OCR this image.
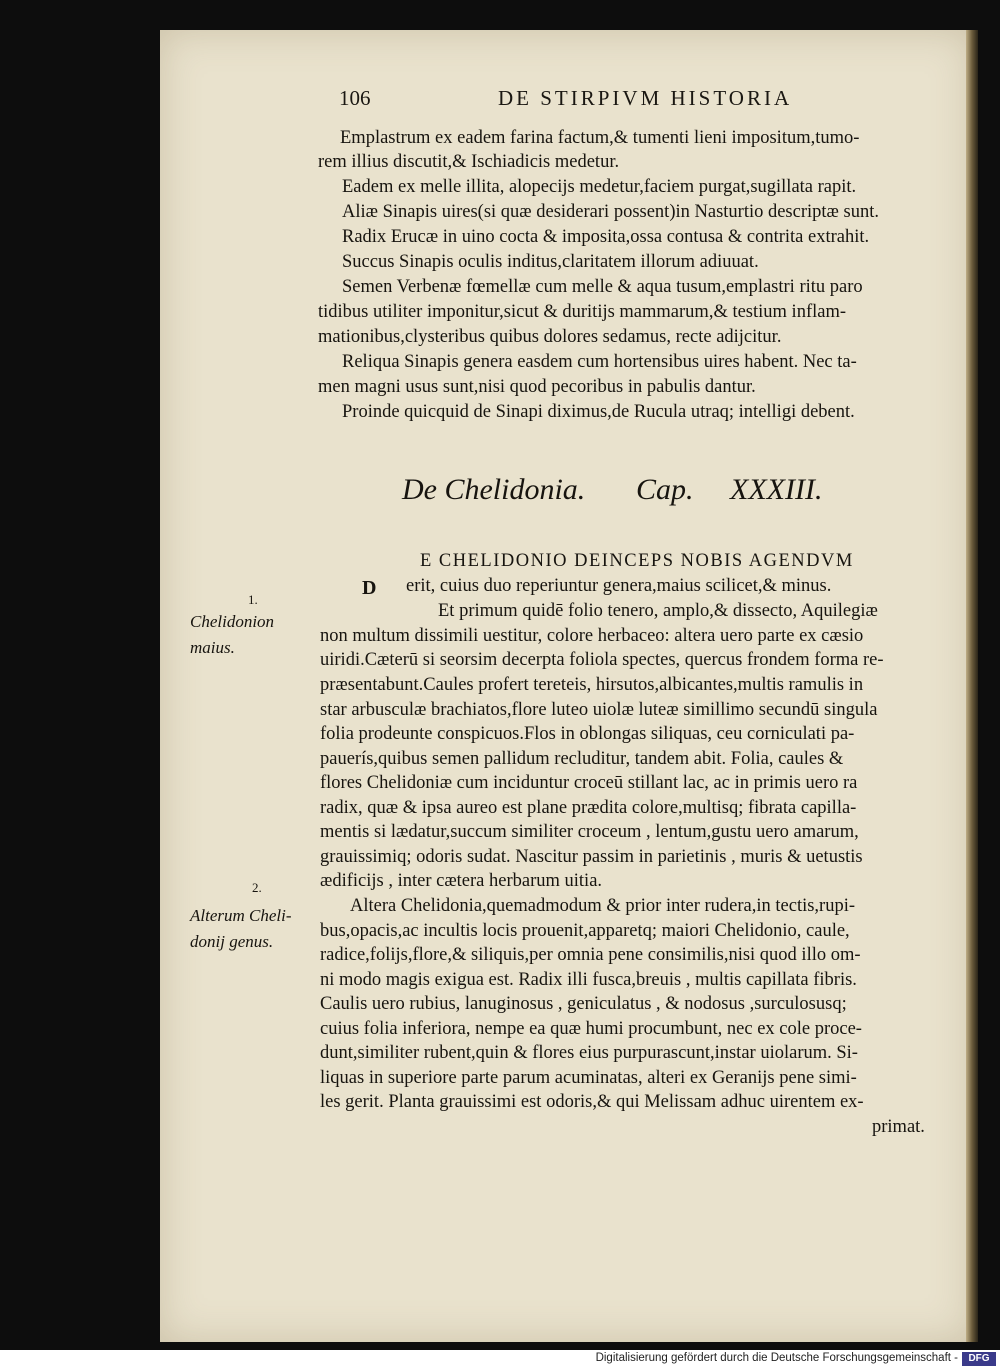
106	DE STIRPIVM HISTORIA
Emplastrum ex eadem farina factum,& tumenti lieni impositum,tumo-
rem illius discutit,& Ischiadicis medetur.
Eadem ex melle illita, alopecijs medetur,faciem purgat,sugillata rapit.
Aliæ Sinapis uires(si quæ desiderari possent)in Nasturtio descriptæ sunt.
Radix Erucæ in uino cocta & imposita,ossa contusa & contrita extrahit.
Succus Sinapis oculis inditus,claritatem illorum adiuuat.
Semen Verbenæ fœmellæ cum melle & aqua tusum,emplastri ritu paro
tidibus utiliter imponitur,sicut & duritijs mammarum,& testium inflam-
mationibus,clysteribus quibus dolores sedamus, recte adijcitur.
Reliqua Sinapis genera easdem cum hortensibus uires habent. Nec ta-
men magni usus sunt,nisi quod pecoribus in pabulis dantur.
Proinde quicquid de Sinapi diximus,de Rucula utraq; intelligi debent.
De Chelidonia. Cap. XXXIII.
1.
Chelidonion
maius.
2.
Alterum Cheli-
donij genus.
D
E CHELIDONIO DEINCEPS NOBIS AGENDVM
erit, cuius duo reperiuntur genera,maius scilicet,& minus.
Et primum quidē folio tenero, amplo,& dissecto, Aquilegiæ
non multum dissimili uestitur, colore herbaceo: altera uero parte ex cæsio
uiridi.Cæterū si seorsim decerpta foliola spectes, quercus frondem forma re-
præsentabunt.Caules profert tereteis, hirsutos,albicantes,multis ramulis in
star arbusculæ brachiatos,flore luteo uiolæ luteæ simillimo secundū singula
folia prodeunte conspicuos.Flos in oblongas siliquas, ceu corniculati pa-
pauerís,quibus semen pallidum recluditur, tandem abit. Folia, caules &
flores Chelidoniæ cum inciduntur croceū stillant lac, ac in primis uero ra
radix, quæ & ipsa aureo est plane prædita colore,multisq; fibrata capilla-
mentis si lædatur,succum similiter croceum , lentum,gustu uero amarum,
grauissimiq; odoris sudat. Nascitur passim in parietinis , muris & uetustis
ædificijs , inter cætera herbarum uitia.
Altera Chelidonia,quemadmodum & prior inter rudera,in tectis,rupi-
bus,opacis,ac incultis locis prouenit,apparetq; maiori Chelidonio, caule,
radice,folijs,flore,& siliquis,per omnia pene consimilis,nisi quod illo om-
ni modo magis exigua est. Radix illi fusca,breuis , multis capillata fibris.
Caulis uero rubius, lanuginosus , geniculatus , & nodosus ,surculosusq;
cuius folia inferiora, nempe ea quæ humi procumbunt, nec ex cole proce-
dunt,similiter rubent,quin & flores eius purpurascunt,instar uiolarum. Si-
liquas in superiore parte parum acuminatas, alteri ex Geranijs pene simi-
les gerit. Planta grauissimi est odoris,& qui Melissam adhuc uirentem ex-
primat.
Digitalisierung gefördert durch die Deutsche Forschungsgemeinschaft -	DFG
